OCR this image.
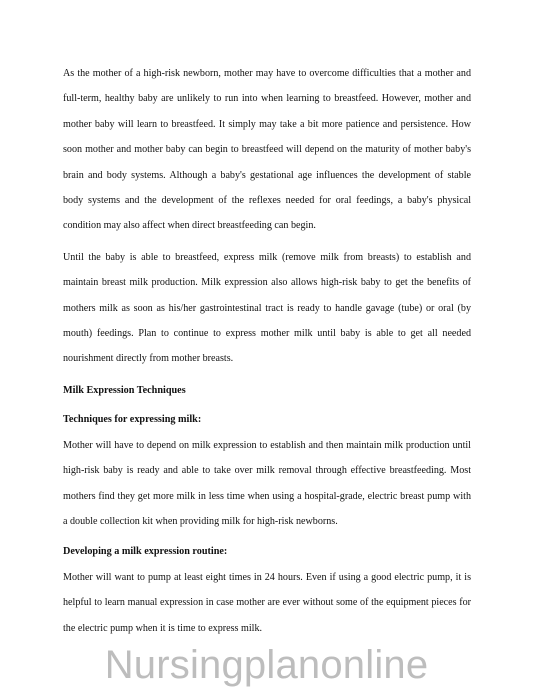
As the mother of a high-risk newborn, mother may have to overcome difficulties that a mother and full-term, healthy baby are unlikely to run into when learning to breastfeed. However, mother and mother baby will learn to breastfeed. It simply may take a bit more patience and persistence. How soon mother and mother baby can begin to breastfeed will depend on the maturity of mother baby's brain and body systems. Although a baby's gestational age influences the development of stable body systems and the development of the reflexes needed for oral feedings, a baby's physical condition may also affect when direct breastfeeding can begin.

Until the baby is able to breastfeed, express milk (remove milk from breasts) to establish and maintain breast milk production. Milk expression also allows high-risk baby to get the benefits of mothers milk as soon as his/her gastrointestinal tract is ready to handle gavage (tube) or oral (by mouth) feedings. Plan to continue to express mother milk until baby is able to get all needed nourishment directly from mother breasts.

Milk Expression Techniques
Techniques for expressing milk:

Mother will have to depend on milk expression to establish and then maintain milk production until high-risk baby is ready and able to take over milk removal through effective breastfeeding. Most mothers find they get more milk in less time when using a hospital-grade, electric breast pump with a double collection kit when providing milk for high-risk newborns.

Developing a milk expression routine:

Mother will want to pump at least eight times in 24 hours. Even if using a good electric pump, it is helpful to learn manual expression in case mother are ever without some of the equipment pieces for the electric pump when it is time to express milk.

Nursingplanonline
